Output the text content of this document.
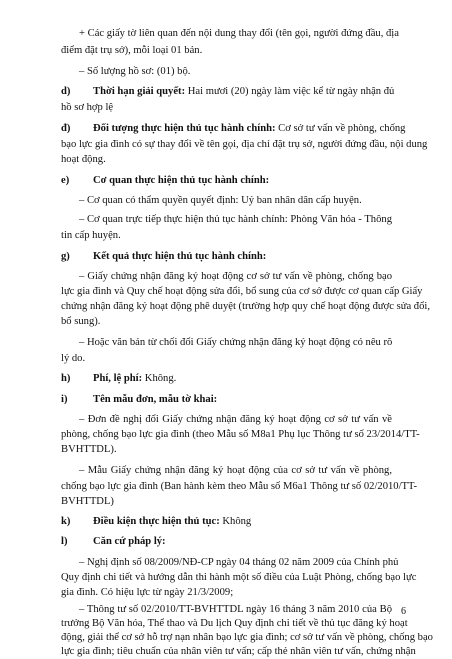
+ Các giấy tờ liên quan đến nội dung thay đổi (tên gọi, người đứng đầu, địa
điểm đặt trụ sở), mỗi loại 01 bản.
– Số lượng hồ sơ: (01) bộ.
d) Thời hạn giải quyết: Hai mươi (20) ngày làm việc kể từ ngày nhận đủ
hồ sơ hợp lệ
đ) Đối tượng thực hiện thủ tục hành chính: Cơ sở tư vấn về phòng, chống
bạo lực gia đình có sự thay đổi về tên gọi, địa chỉ đặt trụ sở, người đứng đầu, nội dung
hoạt động.
e) Cơ quan thực hiện thủ tục hành chính:
– Cơ quan có thẩm quyền quyết định: Uỷ ban nhân dân cấp huyện.
– Cơ quan trực tiếp thực hiện thủ tục hành chính: Phòng Văn hóa - Thông
tin cấp huyện.
g) Kết quả thực hiện thủ tục hành chính:
– Giấy chứng nhận đăng ký hoạt động cơ sở tư vấn về phòng, chống bạo
lực gia đình và Quy chế hoạt động sửa đổi, bổ sung của cơ sở được cơ quan cấp Giấy
chứng nhận đăng ký hoạt động phê duyệt (trường hợp quy chế hoạt động được sửa đổi,
bổ sung).
– Hoặc văn bản từ chối đổi Giấy chứng nhận đăng ký hoạt động có nêu rõ
lý do.
h) Phí, lệ phí: Không.
i) Tên mẫu đơn, mẫu tờ khai:
– Đơn đề nghị đổi Giấy chứng nhận đăng ký hoạt động cơ sở tư vấn về
phòng, chống bạo lực gia đình (theo Mẫu số M8a1 Phụ lục Thông tư số 23/2014/TT-
BVHTTDL).
– Mẫu Giấy chứng nhận đăng ký hoạt động của cơ sở tư vấn về phòng,
chống bạo lực gia đình (Ban hành kèm theo Mẫu số M6a1 Thông tư số 02/2010/TT-
BVHTTDL)
k) Điều kiện thực hiện thủ tục: Không
l) Căn cứ pháp lý:
– Nghị định số 08/2009/NĐ-CP ngày 04 tháng 02 năm 2009 của Chính phủ
Quy định chi tiết và hướng dẫn thi hành một số điều của Luật Phòng, chống bạo lực
gia đình. Có hiệu lực từ ngày 21/3/2009;
– Thông tư số 02/2010/TT-BVHTTDL ngày 16 tháng 3 năm 2010 của Bộ
trưởng Bộ Văn hóa, Thể thao và Du lịch Quy định chi tiết về thủ tục đăng ký hoạt
động, giải thể cơ sở hỗ trợ nạn nhân bạo lực gia đình; cơ sở tư vấn về phòng, chống bạo
lực gia đình; tiêu chuẩn của nhân viên tư vấn; cấp thẻ nhân viên tư vấn, chứng nhận
6
